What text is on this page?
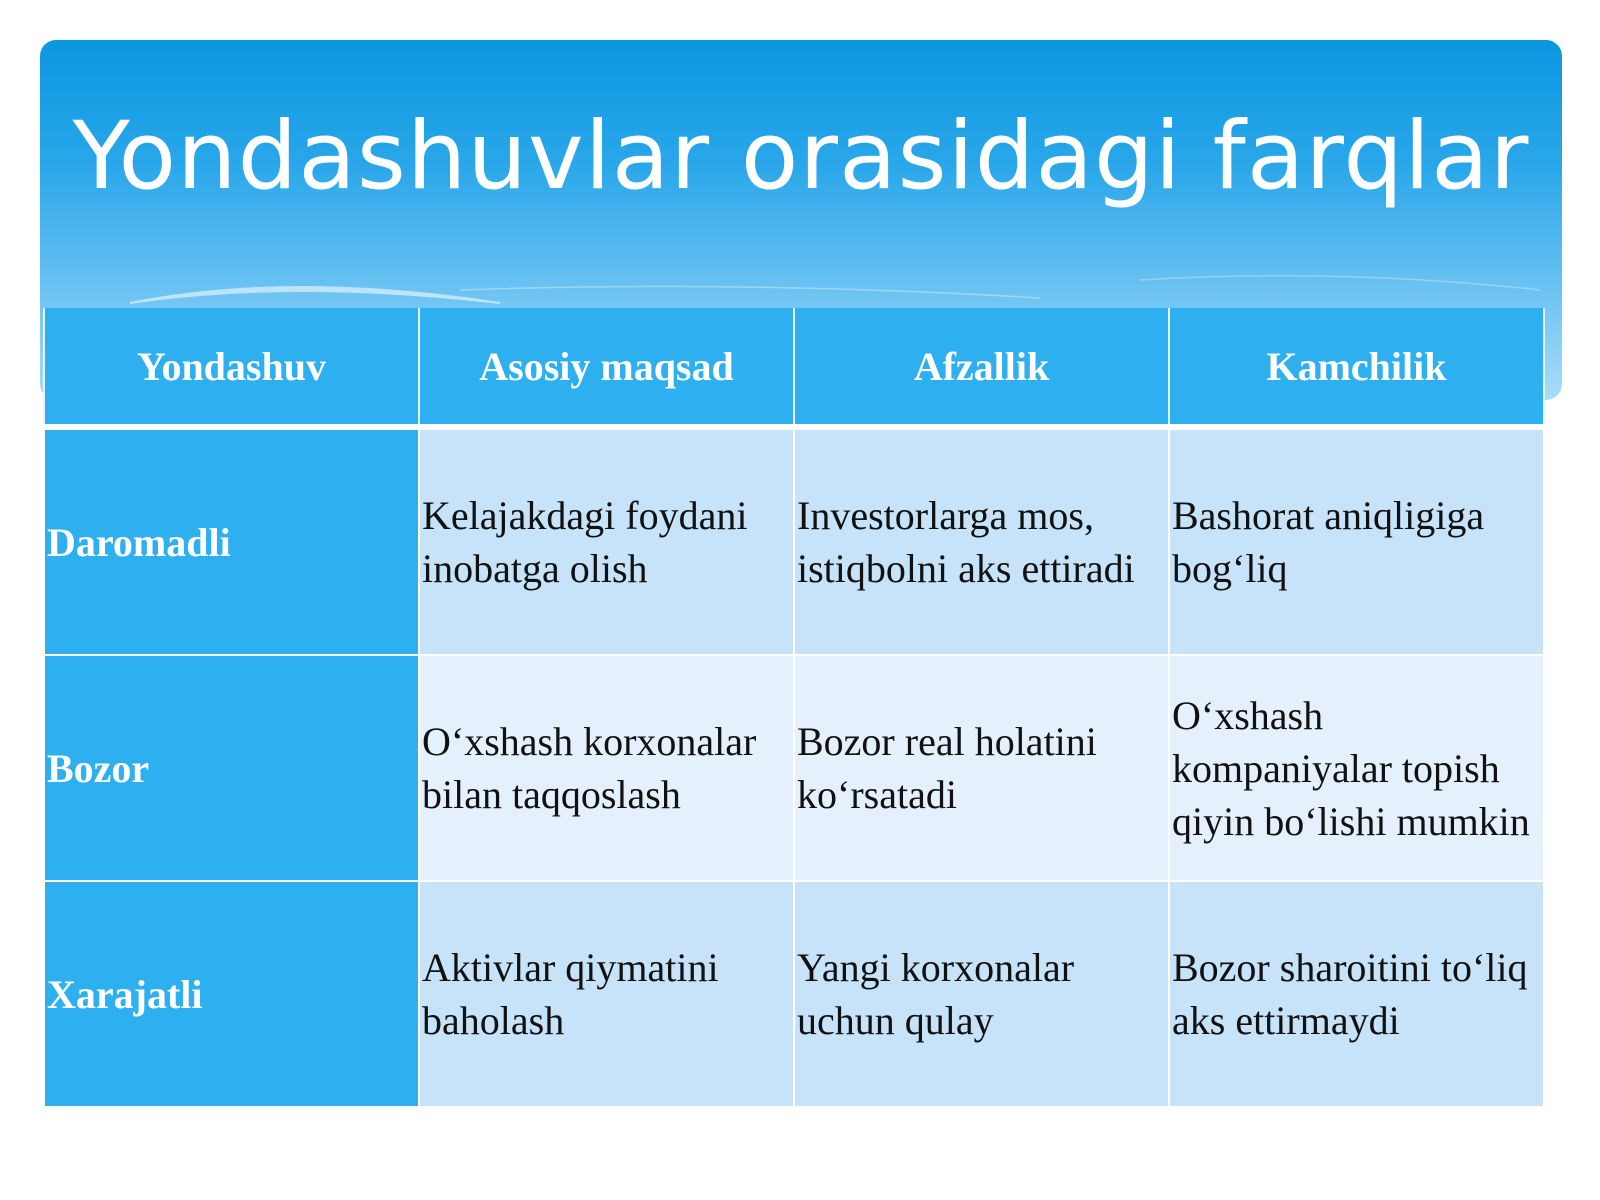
Yondashuvlar orasidagi farqlar
Yondashuv	Asosiy maqsad	Afzallik	Kamchilik
Daromadli	Kelajakdagi foydani inobatga olish	Investorlarga mos, istiqbolni aks ettiradi	Bashorat aniqligiga bog‘liq
Bozor	O‘xshash korxonalar bilan taqqoslash	Bozor real holatini ko‘rsatadi	O‘xshash kompaniyalar topish qiyin bo‘lishi mumkin
Xarajatli	Aktivlar qiymatini baholash	Yangi korxonalar uchun qulay	Bozor sharoitini to‘liq aks ettirmaydi
